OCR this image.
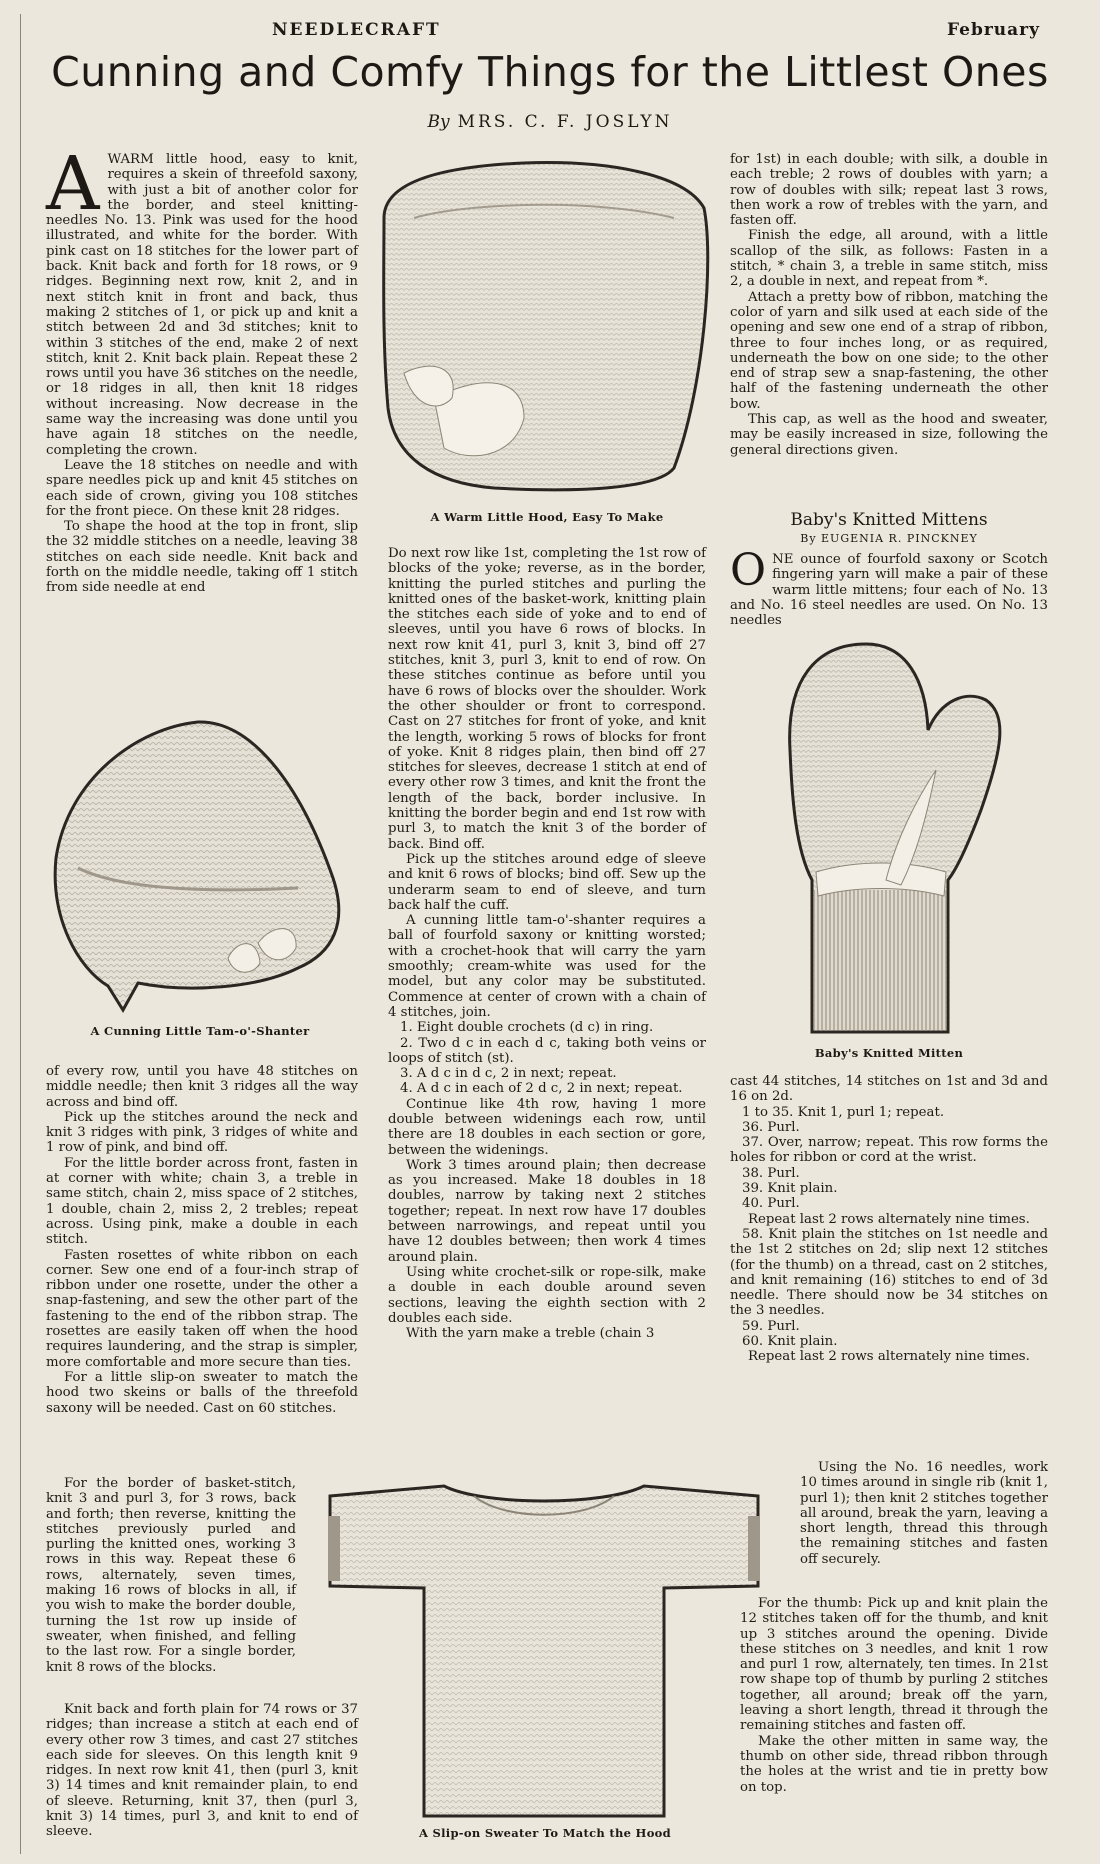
NEEDLECRAFT	February
Cunning and Comfy Things for the Littlest Ones
By MRS. C. F. JOSLYN
A WARM little hood, easy to knit, requires a skein of threefold saxony, with just a bit of another color for the border, and steel knitting-needles No. 13. Pink was used for the hood illustrated, and white for the border. With pink cast on 18 stitches for the lower part of back. Knit back and forth for 18 rows, or 9 ridges. Beginning next row, knit 2, and in next stitch knit in front and back, thus making 2 stitches of 1, or pick up and knit a stitch between 2d and 3d stitches; knit to within 3 stitches of the end, make 2 of next stitch, knit 2. Knit back plain. Repeat these 2 rows until you have 36 stitches on the needle, or 18 ridges in all, then knit 18 ridges without increasing. Now decrease in the same way the increasing was done until you have again 18 stitches on the needle, completing the crown.

Leave the 18 stitches on needle and with spare needles pick up and knit 45 stitches on each side of crown, giving you 108 stitches for the front piece. On these knit 28 ridges.

To shape the hood at the top in front, slip the 32 middle stitches on a needle, leaving 38 stitches on each side needle. Knit back and forth on the middle needle, taking off 1 stitch from side needle at end

A Cunning Little Tam-o'-Shanter

of every row, until you have 48 stitches on middle needle; then knit 3 ridges all the way across and bind off.

Pick up the stitches around the neck and knit 3 ridges with pink, 3 ridges of white and 1 row of pink, and bind off.

For the little border across front, fasten in at corner with white; chain 3, a treble in same stitch, chain 2, miss space of 2 stitches, 1 double, chain 2, miss 2, 2 trebles; repeat across. Using pink, make a double in each stitch.

Fasten rosettes of white ribbon on each corner. Sew one end of a four-inch strap of ribbon under one rosette, under the other a snap-fastening, and sew the other part of the fastening to the end of the ribbon strap. The rosettes are easily taken off when the hood requires laundering, and the strap is simpler, more comfortable and more secure than ties.

For a little slip-on sweater to match the hood two skeins or balls of the threefold saxony will be needed. Cast on 60 stitches.

For the border of basket-stitch, knit 3 and purl 3, for 3 rows, back and forth; then reverse, knitting the stitches previously purled and purling the knitted ones, working 3 rows in this way. Repeat these 6 rows, alternately, seven times, making 16 rows of blocks in all, if you wish to make the border double, turning the 1st row up inside of sweater, when finished, and felling to the last row. For a single border, knit 8 rows of the blocks.

Knit back and forth plain for 74 rows or 37 ridges; than increase a stitch at each end of every other row 3 times, and cast 27 stitches each side for sleeves. On this length knit 9 ridges. In next row knit 41, then (purl 3, knit 3) 14 times and knit remainder plain, to end of sleeve. Returning, knit 37, then (purl 3, knit 3) 14 times, purl 3, and knit to end of sleeve.

A Warm Little Hood, Easy To Make

Do next row like 1st, completing the 1st row of blocks of the yoke; reverse, as in the border, knitting the purled stitches and purling the knitted ones of the basket-work, knitting plain the stitches each side of yoke and to end of sleeves, until you have 6 rows of blocks. In next row knit 41, purl 3, knit 3, bind off 27 stitches, knit 3, purl 3, knit to end of row. On these stitches continue as before until you have 6 rows of blocks over the shoulder. Work the other shoulder or front to correspond. Cast on 27 stitches for front of yoke, and knit the length, working 5 rows of blocks for front of yoke. Knit 8 ridges plain, then bind off 27 stitches for sleeves, decrease 1 stitch at end of every other row 3 times, and knit the front the length of the back, border inclusive. In knitting the border begin and end 1st row with purl 3, to match the knit 3 of the border of back. Bind off.

Pick up the stitches around edge of sleeve and knit 6 rows of blocks; bind off. Sew up the underarm seam to end of sleeve, and turn back half the cuff.

A cunning little tam-o'-shanter requires a ball of fourfold saxony or knitting worsted; with a crochet-hook that will carry the yarn smoothly; cream-white was used for the model, but any color may be substituted. Commence at center of crown with a chain of 4 stitches, join.

1. Eight double crochets (d c) in ring.

2. Two d c in each d c, taking both veins or loops of stitch (st).

3. A d c in d c, 2 in next; repeat.

4. A d c in each of 2 d c, 2 in next; repeat.

Continue like 4th row, having 1 more double between widenings each row, until there are 18 doubles in each section or gore, between the widenings.

Work 3 times around plain; then decrease as you increased. Make 18 doubles in 18 doubles, narrow by taking next 2 stitches together; repeat. In next row have 17 doubles between narrowings, and repeat until you have 12 doubles between; then work 4 times around plain.

Using white crochet-silk or rope-silk, make a double in each double around seven sections, leaving the eighth section with 2 doubles each side.

With the yarn make a treble (chain 3

A Slip-on Sweater To Match the Hood

for 1st) in each double; with silk, a double in each treble; 2 rows of doubles with yarn; a row of doubles with silk; repeat last 3 rows, then work a row of trebles with the yarn, and fasten off.

Finish the edge, all around, with a little scallop of the silk, as follows: Fasten in a stitch, * chain 3, a treble in same stitch, miss 2, a double in next, and repeat from *.

Attach a pretty bow of ribbon, matching the color of yarn and silk used at each side of the opening and sew one end of a strap of ribbon, three to four inches long, or as required, underneath the bow on one side; to the other end of strap sew a snap-fastening, the other half of the fastening underneath the other bow.

This cap, as well as the hood and sweater, may be easily increased in size, following the general directions given.

Baby's Knitted Mittens
By EUGENIA R. PINCKNEY
O NE ounce of fourfold saxony or Scotch fingering yarn will make a pair of these warm little mittens; four each of No. 13 and No. 16 steel needles are used. On No. 13 needles

Baby's Knitted Mitten

cast 44 stitches, 14 stitches on 1st and 3d and 16 on 2d.

1 to 35. Knit 1, purl 1; repeat.

36. Purl.

37. Over, narrow; repeat. This row forms the holes for ribbon or cord at the wrist.

38. Purl.

39. Knit plain.

40. Purl.

Repeat last 2 rows alternately nine times.

58. Knit plain the stitches on 1st needle and the 1st 2 stitches on 2d; slip next 12 stitches (for the thumb) on a thread, cast on 2 stitches, and knit remaining (16) stitches to end of 3d needle. There should now be 34 stitches on the 3 needles.

59. Purl.

60. Knit plain.

Repeat last 2 rows alternately nine times.

Using the No. 16 needles, work 10 times around in single rib (knit 1, purl 1); then knit 2 stitches together all around, break the yarn, leaving a short length, thread this through the remaining stitches and fasten off securely.

For the thumb: Pick up and knit plain the 12 stitches taken off for the thumb, and knit up 3 stitches around the opening. Divide these stitches on 3 needles, and knit 1 row and purl 1 row, alternately, ten times. In 21st row shape top of thumb by purling 2 stitches together, all around; break off the yarn, leaving a short length, thread it through the remaining stitches and fasten off.

Make the other mitten in same way, the thumb on other side, thread ribbon through the holes at the wrist and tie in pretty bow on top.
